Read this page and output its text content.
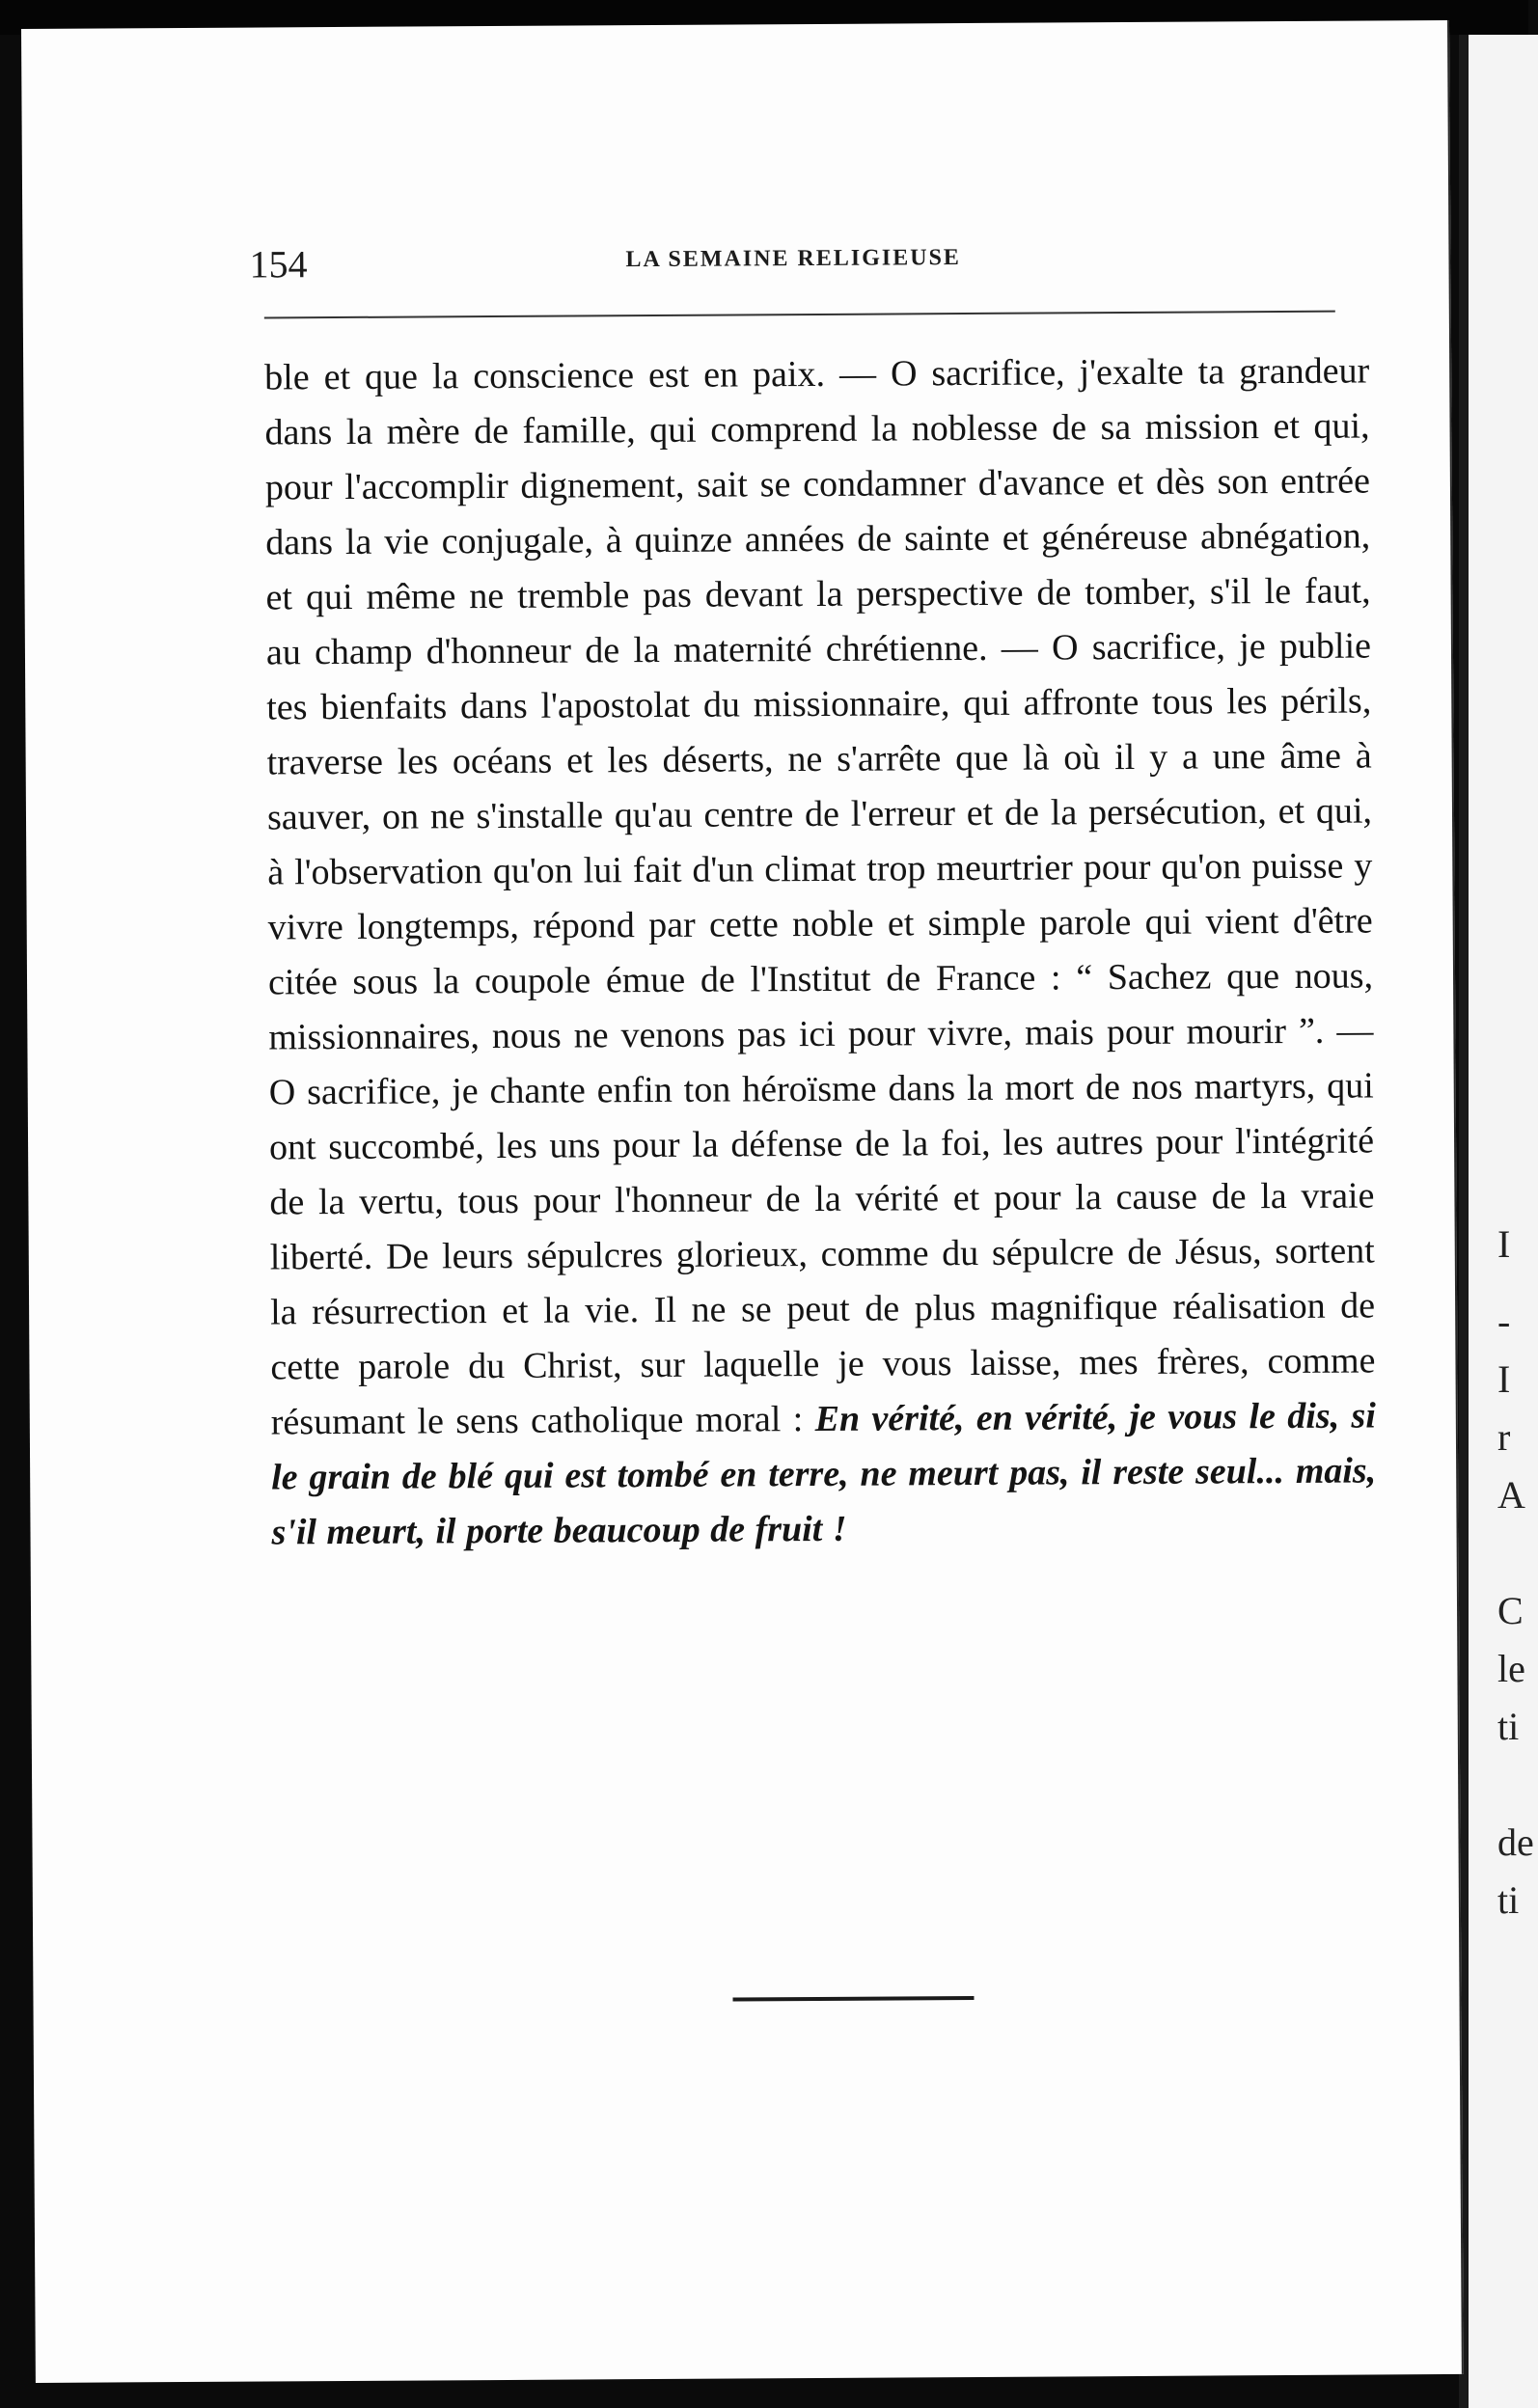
I
-
I
r
A
C
le
ti
de
ti
154	LA SEMAINE RELIGIEUSE
ble et que la conscience est en paix. — O sacrifice, j'exalte ta grandeur dans la mère de famille, qui comprend la noblesse de sa mission et qui, pour l'accomplir dignement, sait se condamner d'avance et dès son entrée dans la vie conjugale, à quinze années de sainte et généreuse abnégation, et qui même ne tremble pas devant la perspective de tomber, s'il le faut, au champ d'honneur de la maternité chrétienne. — O sacrifice, je publie tes bienfaits dans l'apostolat du missionnaire, qui affronte tous les périls, traverse les océans et les déserts, ne s'arrête que là où il y a une âme à sauver, on ne s'installe qu'au centre de l'erreur et de la persécution, et qui, à l'observation qu'on lui fait d'un climat trop meurtrier pour qu'on puisse y vivre longtemps, répond par cette noble et simple parole qui vient d'être citée sous la coupole émue de l'Institut de France : “ Sachez que nous, missionnaires, nous ne venons pas ici pour vivre, mais pour mourir ”. — O sacrifice, je chante enfin ton héroïsme dans la mort de nos martyrs, qui ont succombé, les uns pour la défense de la foi, les autres pour l'intégrité de la vertu, tous pour l'honneur de la vérité et pour la cause de la vraie liberté. De leurs sépulcres glorieux, comme du sépulcre de Jésus, sortent la résurrection et la vie. Il ne se peut de plus magnifique réalisation de cette parole du Christ, sur laquelle je vous laisse, mes frères, comme résumant le sens catholique moral : En vérité, en vérité, je vous le dis, si le grain de blé qui est tombé en terre, ne meurt pas, il reste seul... mais, s'il meurt, il porte beaucoup de fruit !
